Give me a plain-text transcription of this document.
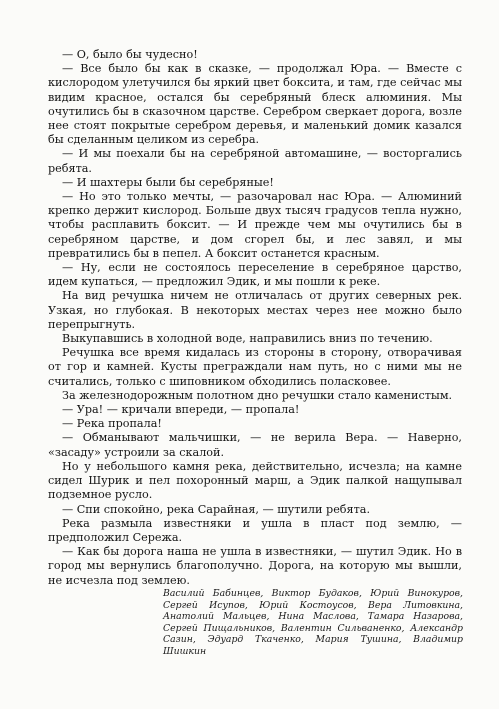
— О, было бы чудесно!

— Все было бы как в сказке, — продолжал Юра. — Вместе с кислородом улетучился бы яркий цвет боксита, и там, где сейчас мы видим красное, остался бы серебряный блеск алюминия. Мы очутились бы в сказочном царстве. Серебром сверкает дорога, возле нее стоят покрытые серебром деревья, и маленький домик казался бы сделанным целиком из серебра.

— И мы поехали бы на серебряной автомашине, — восторгались ребята.

— И шахтеры были бы серебряные!

— Но это только мечты, — разочаровал нас Юра. — Алюминий крепко держит кислород. Больше двух тысяч градусов тепла нужно, чтобы расплавить боксит. — И прежде чем мы очутились бы в серебряном царстве, и дом сгорел бы, и лес завял, и мы превратились бы в пепел. А боксит останется красным.

— Ну, если не состоялось переселение в серебряное царство, идем купаться, — предложил Эдик, и мы пошли к реке.

На вид речушка ничем не отличалась от других северных рек. Узкая, но глубокая. В некоторых местах через нее можно было перепрыгнуть.

Выкупавшись в холодной воде, направились вниз по течению.

Речушка все время кидалась из стороны в сторону, отворачивая от гор и камней. Кусты преграждали нам путь, но с ними мы не считались, только с шиповником обходились поласковее.

За железнодорожным полотном дно речушки стало каменистым.

— Ура! — кричали впереди, — пропала!

— Река пропала!

— Обманывают мальчишки, — не верила Вера. — Наверно, «засаду» устроили за скалой.

Но у небольшого камня река, действительно, исчезла; на камне сидел Шурик и пел похоронный марш, а Эдик палкой нащупывал подземное русло.

— Спи спокойно, река Сарайная, — шутили ребята.

Река размыла известняки и ушла в пласт под землю, — предположил Сережа.

— Как бы дорога наша не ушла в известняки, — шутил Эдик. Но в город мы вернулись благополучно. Дорога, на которую мы вышли, не исчезла под землею.

Василий Бабинцев, Виктор Будаков, Юрий Винокуров, Сергей Исупов, Юрий Костоусов, Вера Литовкина, Анатолий Мальцев, Нина Маслова, Тамара Назарова, Сергей Пищальников, Валентин Сильваненко, Александр Сазин, Эдуард Ткаченко, Мария Тушина, Владимир Шишкин
